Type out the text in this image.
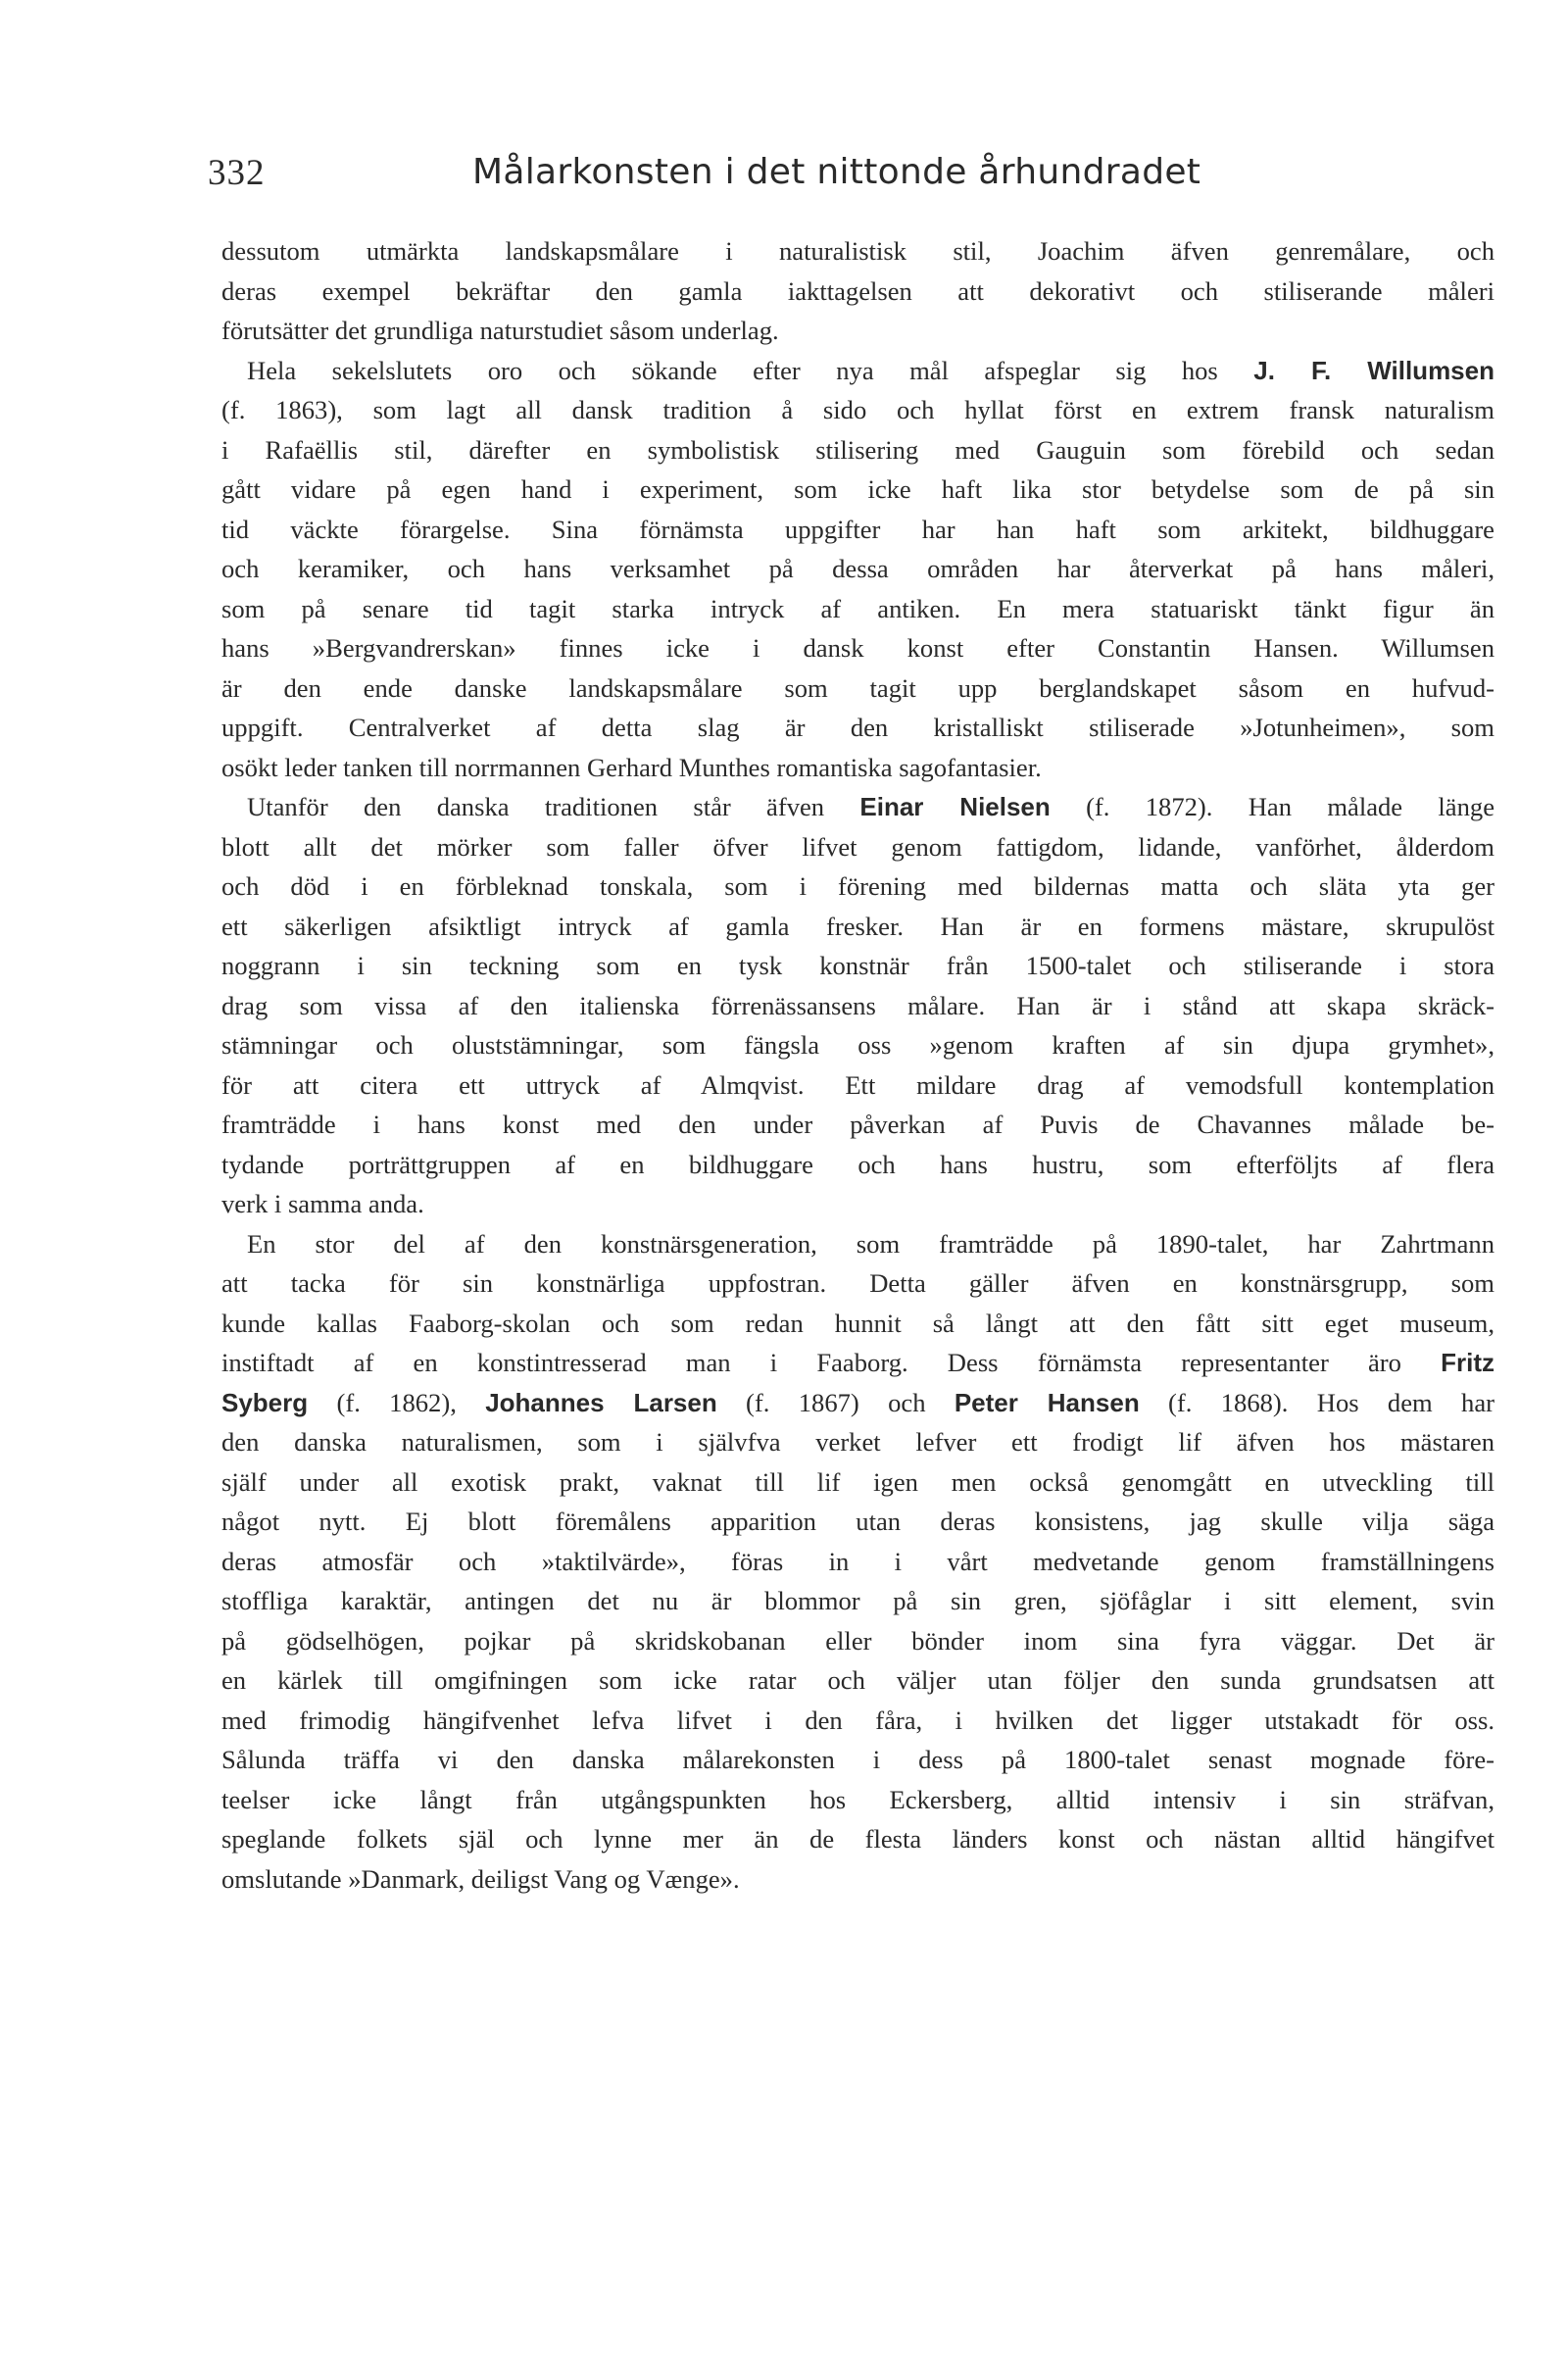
332	Målarkonsten i det nittonde århundradet
dessutom utmärkta landskapsmålare i naturalistisk stil, Joachim äfven genremålare, och
deras exempel bekräftar den gamla iakttagelsen att dekorativt och stiliserande måleri
förutsätter det grundliga naturstudiet såsom underlag.
Hela sekelslutets oro och sökande efter nya mål afspeglar sig hos J. F. Willumsen
(f. 1863), som lagt all dansk tradition å sido och hyllat först en extrem fransk naturalism
i Rafaëllis stil, därefter en symbolistisk stilisering med Gauguin som förebild och sedan
gått vidare på egen hand i experiment, som icke haft lika stor betydelse som de på sin
tid väckte förargelse. Sina förnämsta uppgifter har han haft som arkitekt, bildhuggare
och keramiker, och hans verksamhet på dessa områden har återverkat på hans måleri,
som på senare tid tagit starka intryck af antiken. En mera statuariskt tänkt figur än
hans »Bergvandrerskan» finnes icke i dansk konst efter Constantin Hansen. Willumsen
är den ende danske landskapsmålare som tagit upp berglandskapet såsom en hufvud-
uppgift. Centralverket af detta slag är den kristalliskt stiliserade »Jotunheimen», som
osökt leder tanken till norrmannen Gerhard Munthes romantiska sagofantasier.
Utanför den danska traditionen står äfven Einar Nielsen (f. 1872). Han målade länge
blott allt det mörker som faller öfver lifvet genom fattigdom, lidande, vanförhet, ålderdom
och död i en förbleknad tonskala, som i förening med bildernas matta och släta yta ger
ett säkerligen afsiktligt intryck af gamla fresker. Han är en formens mästare, skrupulöst
noggrann i sin teckning som en tysk konstnär från 1500-talet och stiliserande i stora
drag som vissa af den italienska förrenässansens målare. Han är i stånd att skapa skräck-
stämningar och oluststämningar, som fängsla oss »genom kraften af sin djupa grymhet»,
för att citera ett uttryck af Almqvist. Ett mildare drag af vemodsfull kontemplation
framträdde i hans konst med den under påverkan af Puvis de Chavannes målade be-
tydande porträttgruppen af en bildhuggare och hans hustru, som efterföljts af flera
verk i samma anda.
En stor del af den konstnärsgeneration, som framträdde på 1890-talet, har Zahrtmann
att tacka för sin konstnärliga uppfostran. Detta gäller äfven en konstnärsgrupp, som
kunde kallas Faaborg-skolan och som redan hunnit så långt att den fått sitt eget museum,
instiftadt af en konstintresserad man i Faaborg. Dess förnämsta representanter äro Fritz
Syberg (f. 1862), Johannes Larsen (f. 1867) och Peter Hansen (f. 1868). Hos dem har
den danska naturalismen, som i självfva verket lefver ett frodigt lif äfven hos mästaren
själf under all exotisk prakt, vaknat till lif igen men också genomgått en utveckling till
något nytt. Ej blott föremålens apparition utan deras konsistens, jag skulle vilja säga
deras atmosfär och »taktilvärde», föras in i vårt medvetande genom framställningens
stoffliga karaktär, antingen det nu är blommor på sin gren, sjöfåglar i sitt element, svin
på gödselhögen, pojkar på skridskobanan eller bönder inom sina fyra väggar. Det är
en kärlek till omgifningen som icke ratar och väljer utan följer den sunda grundsatsen att
med frimodig hängifvenhet lefva lifvet i den fåra, i hvilken det ligger utstakadt för oss.
Sålunda träffa vi den danska målarekonsten i dess på 1800-talet senast mognade före-
teelser icke långt från utgångspunkten hos Eckersberg, alltid intensiv i sin sträfvan,
speglande folkets själ och lynne mer än de flesta länders konst och nästan alltid hängifvet
omslutande »Danmark, deiligst Vang og Vænge».
